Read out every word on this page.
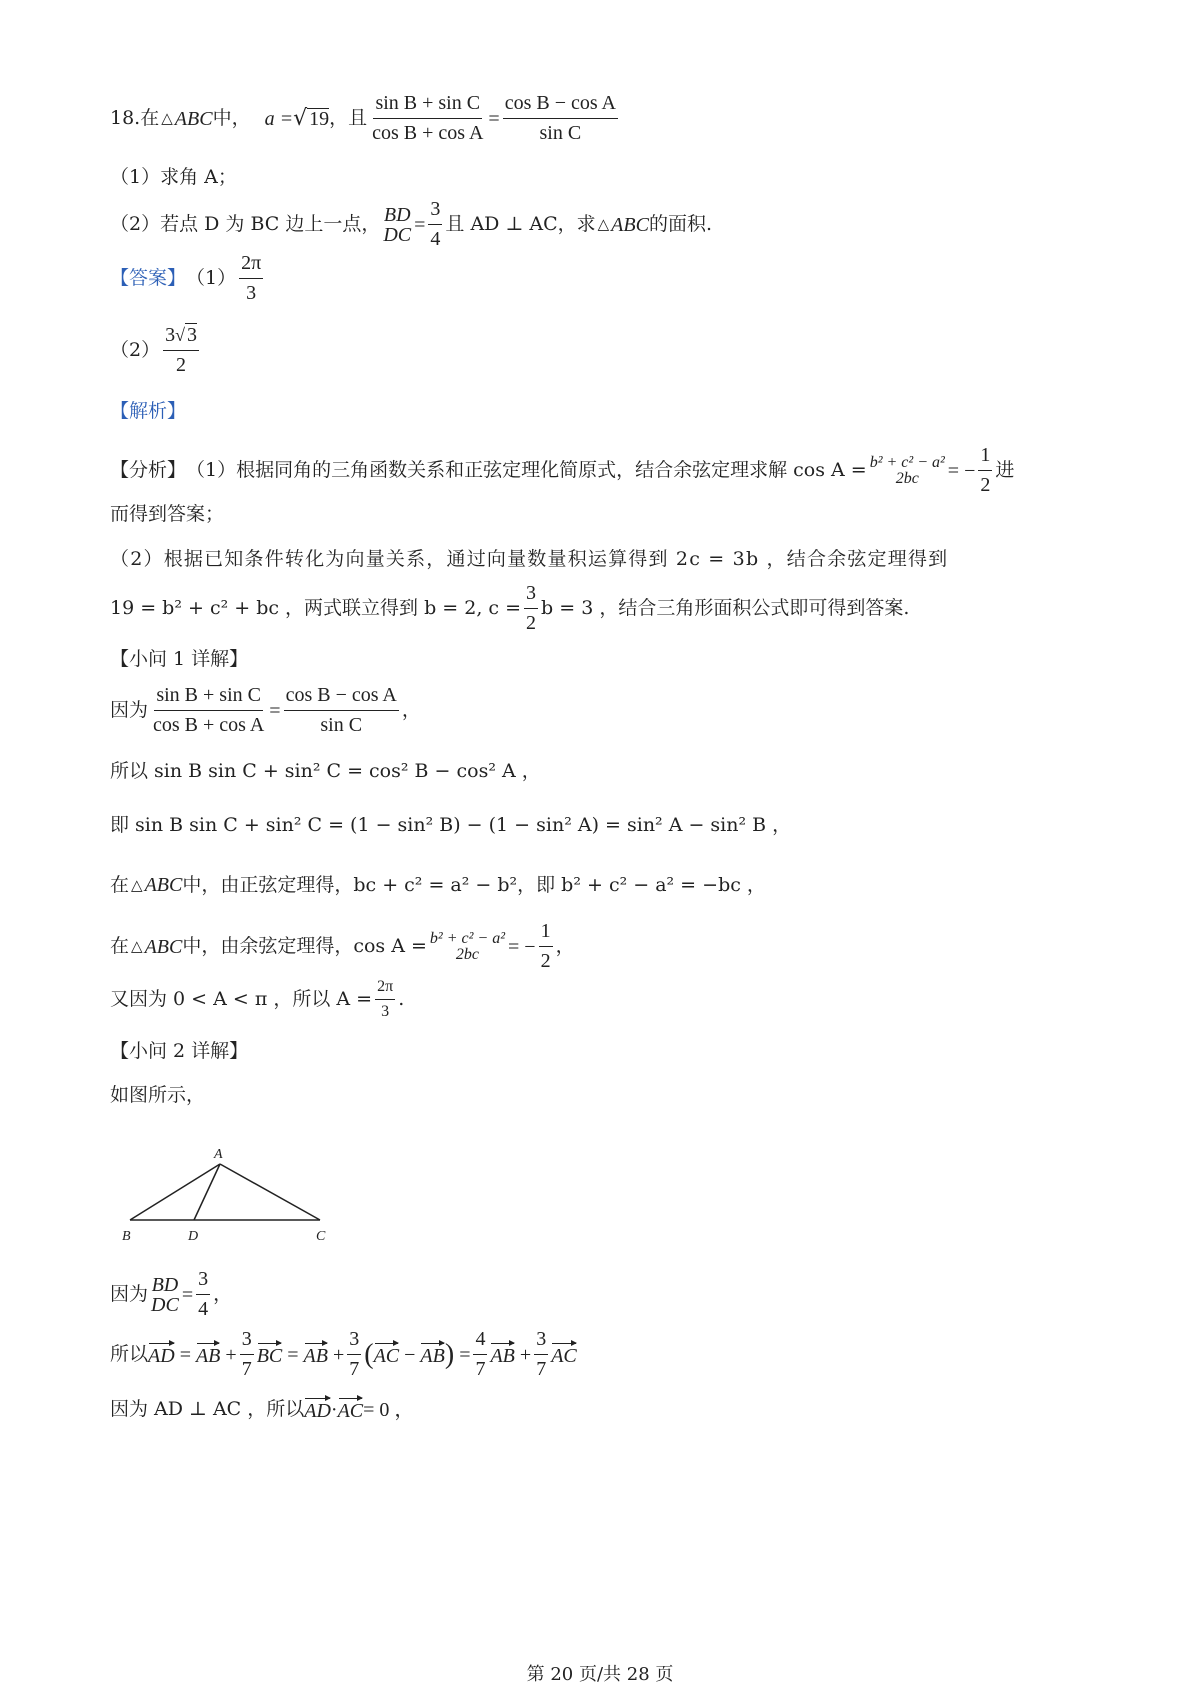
18. 在 △ ABC 中， a = √ 19 ，且 $\frac{\text{sin B + sin C}}{\text{cos B + cos A}} = \frac{\text{cos B − cos A}}{\text{sin C}}$
（1）求角 A；
（2）若点 D 为 BC 边上一点， BD
DC = $\frac{3}{4}$ 且 AD ⊥ AC，求 △ ABC 的面积.
【答案】 $(1) \frac{2\pi}{3}$
$(2) \frac{3√ 3}{2}$
【解析】
【分析】 （1）根据同角的三角函数关系和正弦定理化简原式，结合余弦定理求解 cos A = b² + c² − a²
2bc = − $\frac{1}{2}$ 进
而得到答案；
（2）根据已知条件转化为向量关系，通过向量数量积运算得到 2c = 3b ，结合余弦定理得到
19 = b² + c² + bc ，两式联立得到 b = 2, $c = \frac{3}{2}$ b = 3 ，结合三角形面积公式即可得到答案.
【小问 1 详解】
因为 $\frac{\text{sin B + sin C}}{\text{cos B + cos A}} = \frac{\text{cos B − cos A}}{\text{sin C}}$ ，
所以 sin B sin C + sin² C = cos² B − cos² A ，
即 sin B sin C + sin² C = (1 − sin² B) − (1 − sin² A) = sin² A − sin² B ，
在 △ ABC 中，由正弦定理得，bc + c² = a² − b²，即 b² + c² − a² = −bc ，
在 △ ABC 中，由余弦定理得，cos A = b² + c² − a²
2bc = − $\frac{1}{2}$ ，
又因为 0 < A < π ，所以 $A = \frac{2\pi}{3}$ .
【小问 2 详解】
如图所示，
A
B	D	C
因为 BD
DC = $\frac{3}{4}$ ，
所以 AD = AB + $\frac{3}{7}$ BC = AB + $\frac{3}{7}$ ( AC − AB ) = $\frac{4}{7}$ AB + $\frac{3}{7}$ AC
因为 AD ⊥ AC ，所以 AD · AC = 0 ，
第 20 页/共 28 页
